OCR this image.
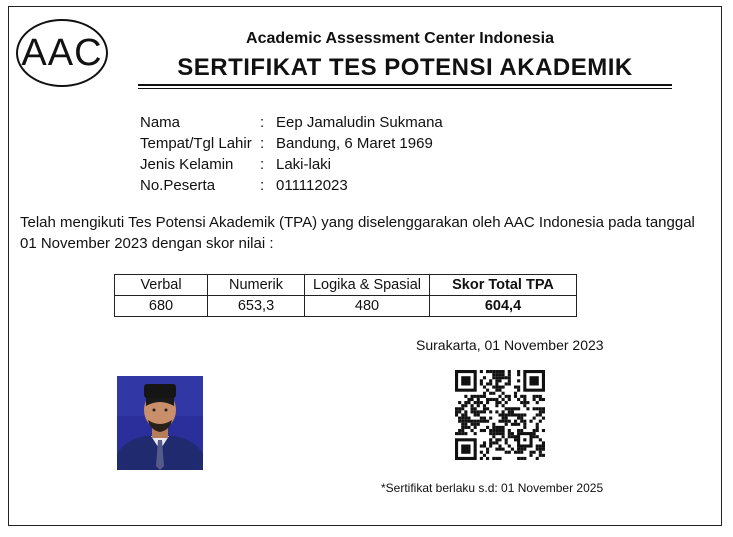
AAC	Academic Assessment Center Indonesia
SERTIFIKAT TES POTENSI AKADEMIK
Nama	: Eep Jamaludin Sukmana
Tempat/Tgl Lahir : Bandung, 6 Maret 1969
Jenis Kelamin	: Laki-laki
No.Peserta	: 011112023
Telah mengikuti Tes Potensi Akademik (TPA) yang diselenggarakan oleh AAC Indonesia pada tanggal
01 November 2023 dengan skor nilai :
Verbal	Numerik	Logika & Spasial	Skor Total TPA
680	653,3	480	604,4
Surakarta, 01 November 2023
*Sertifikat berlaku s.d: 01 November 2025
